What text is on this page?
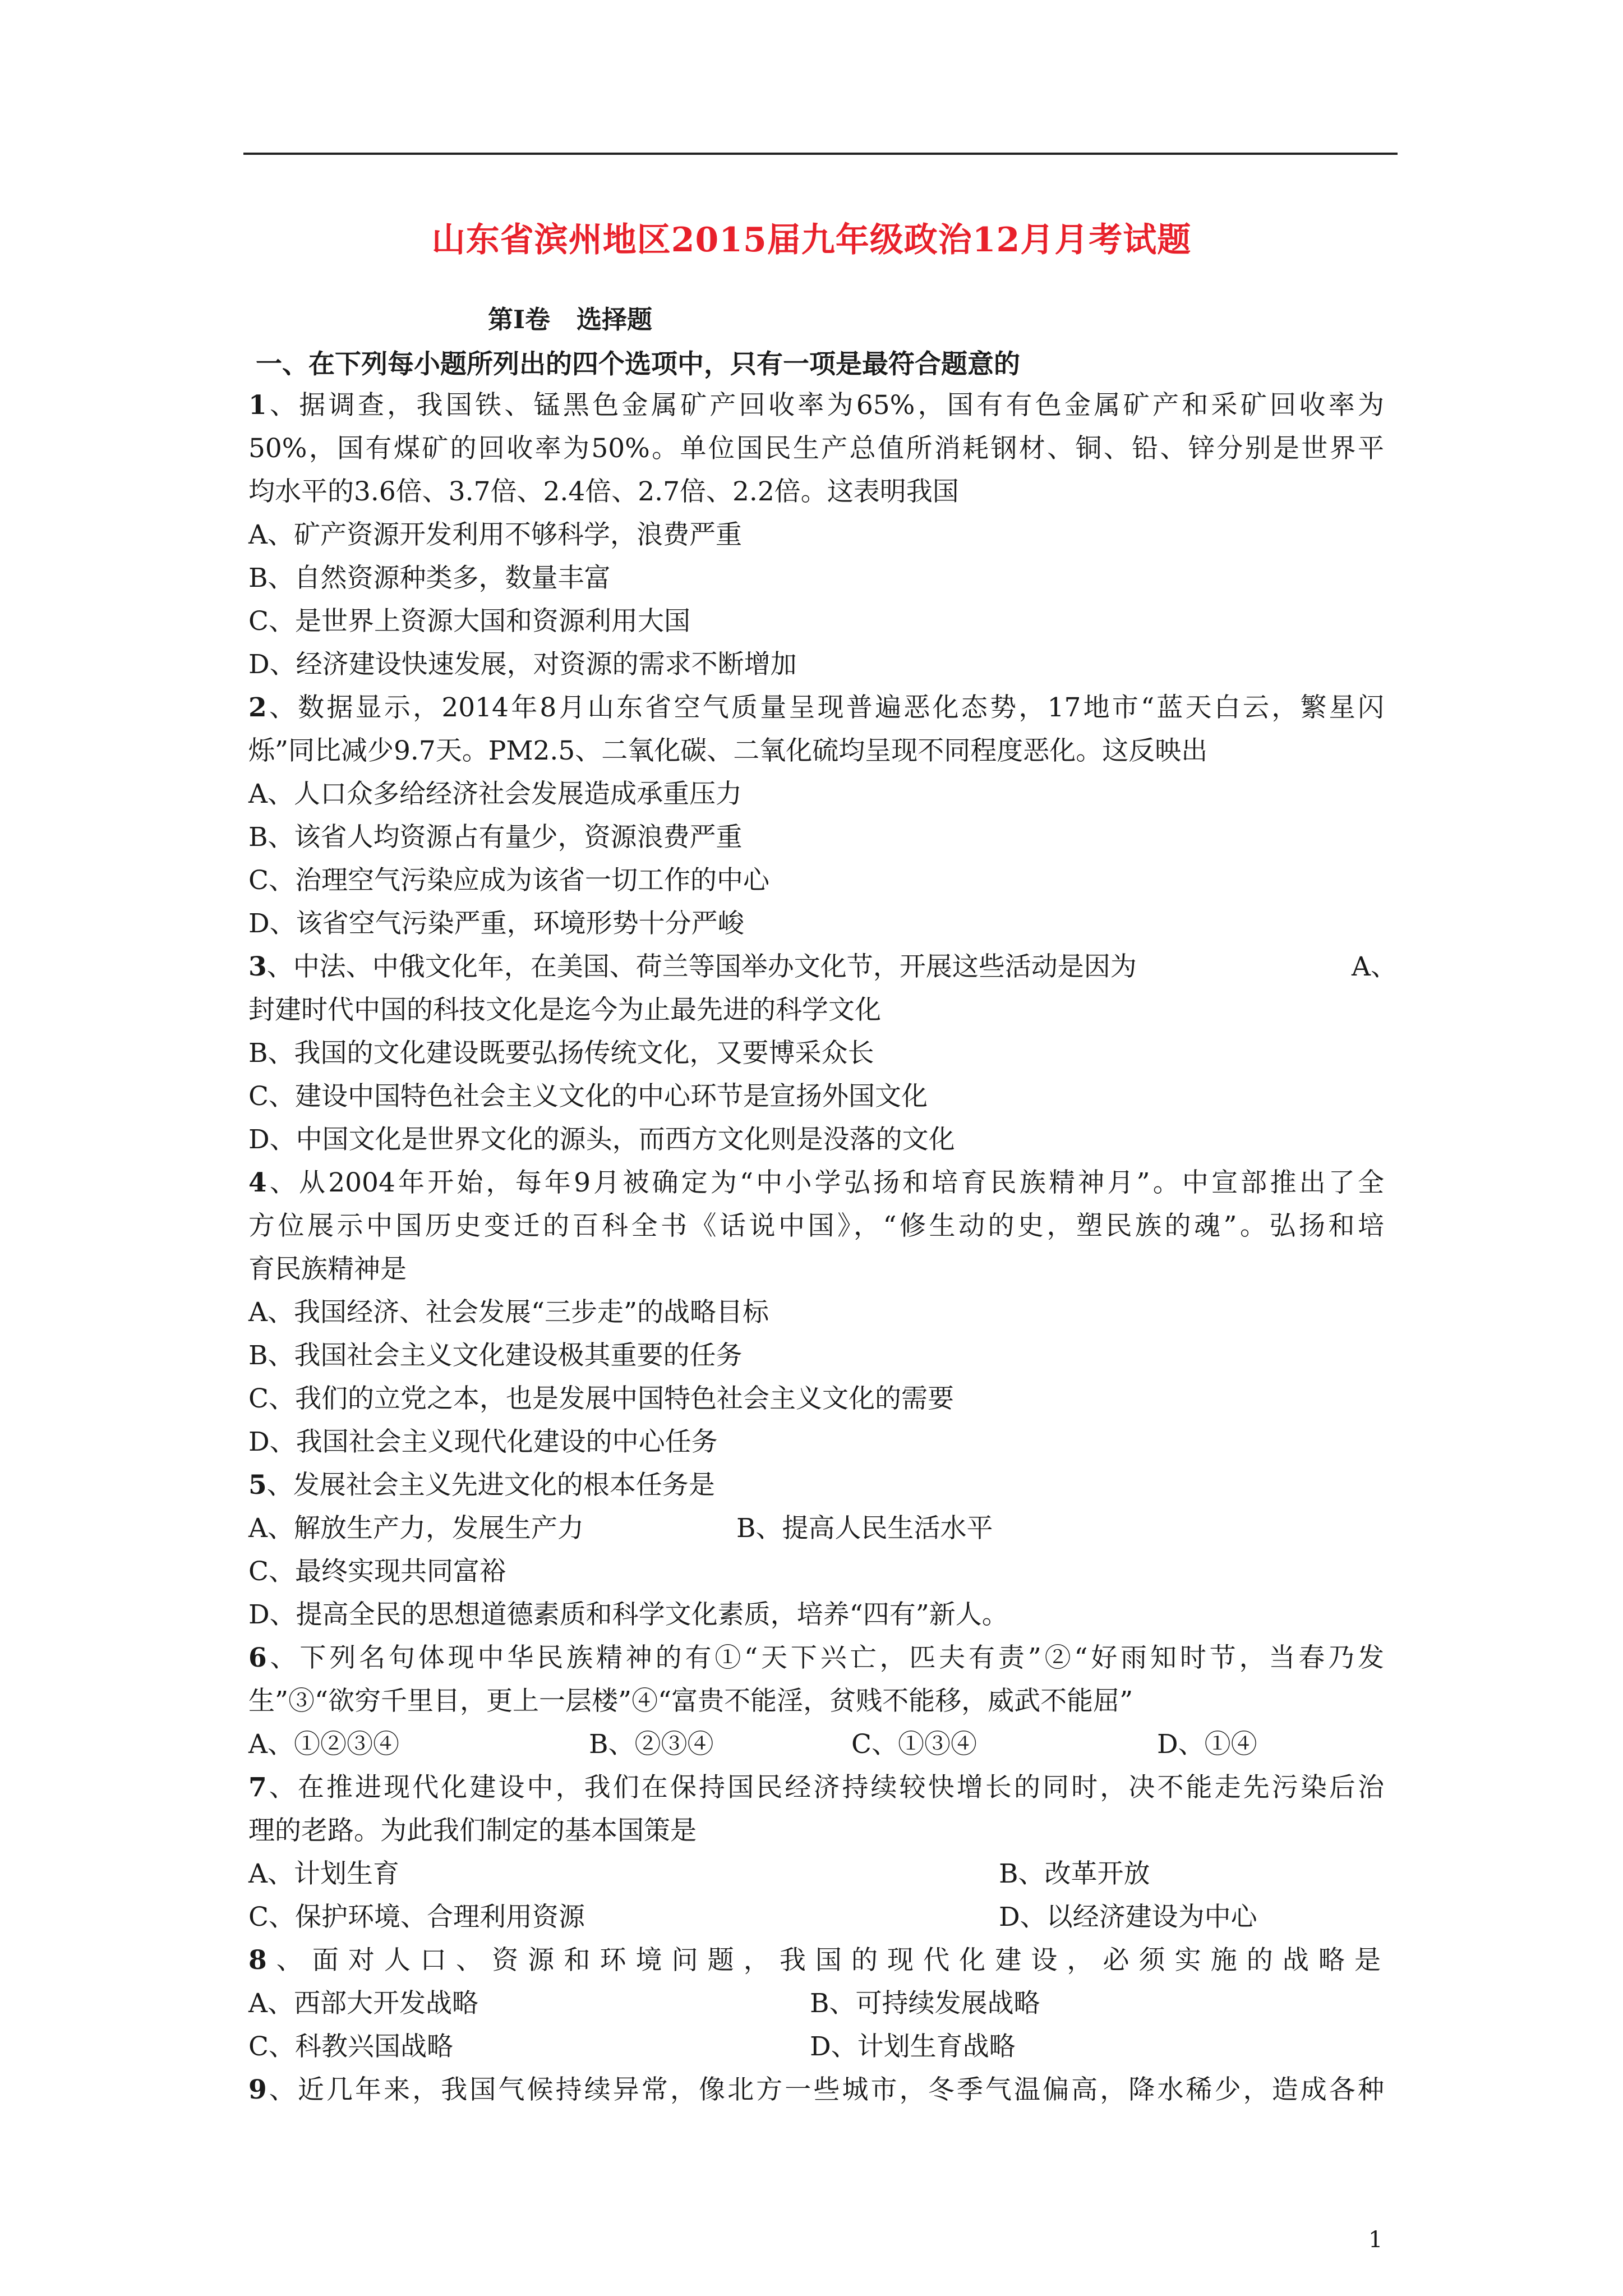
山东省滨州地区2015届九年级政治12月月考试题
第Ⅰ卷   选择题
一、在下列每小题所列出的四个选项中，只有一项是最符合题意的
1、据调查，我国铁、锰黑色金属矿产回收率为65%，国有有色金属矿产和采矿回收率为
50%，国有煤矿的回收率为50%。单位国民生产总值所消耗钢材、铜、铅、锌分别是世界平
均水平的3.6倍、3.7倍、2.4倍、2.7倍、2.2倍。这表明我国
A、矿产资源开发利用不够科学，浪费严重
B、自然资源种类多，数量丰富
C、是世界上资源大国和资源利用大国
D、经济建设快速发展，对资源的需求不断增加
2、数据显示，2014年8月山东省空气质量呈现普遍恶化态势，17地市“蓝天白云，繁星闪
烁”同比减少9.7天。PM2.5、二氧化碳、二氧化硫均呈现不同程度恶化。这反映出
A、人口众多给经济社会发展造成承重压力
B、该省人均资源占有量少，资源浪费严重
C、治理空气污染应成为该省一切工作的中心
D、该省空气污染严重，环境形势十分严峻
3、中法、中俄文化年，在美国、荷兰等国举办文化节，开展这些活动是因为	A、
封建时代中国的科技文化是迄今为止最先进的科学文化
B、我国的文化建设既要弘扬传统文化，又要博采众长
C、建设中国特色社会主义文化的中心环节是宣扬外国文化
D、中国文化是世界文化的源头，而西方文化则是没落的文化
4、从2004年开始，每年9月被确定为“中小学弘扬和培育民族精神月”。中宣部推出了全
方位展示中国历史变迁的百科全书《话说中国》，“修生动的史，塑民族的魂”。弘扬和培
育民族精神是
A、我国经济、社会发展“三步走”的战略目标
B、我国社会主义文化建设极其重要的任务
C、我们的立党之本，也是发展中国特色社会主义文化的需要
D、我国社会主义现代化建设的中心任务
5、发展社会主义先进文化的根本任务是
A、解放生产力，发展生产力	B、提高人民生活水平
C、最终实现共同富裕
D、提高全民的思想道德素质和科学文化素质，培养“四有”新人。
6、下列名句体现中华民族精神的有①“天下兴亡，匹夫有责”②“好雨知时节，当春乃发
生”③“欲穷千里目，更上一层楼”④“富贵不能淫，贫贱不能移，威武不能屈”
A、①②③④	B、②③④	C、①③④	D、①④
7、在推进现代化建设中，我们在保持国民经济持续较快增长的同时，决不能走先污染后治
理的老路。为此我们制定的基本国策是
A、计划生育	B、改革开放
C、保护环境、合理利用资源	D、以经济建设为中心
8、面对人口、资源和环境问题，我国的现代化建设，必须实施的战略是
A、西部大开发战略	B、可持续发展战略
C、科教兴国战略	D、计划生育战略
9、近几年来，我国气候持续异常，像北方一些城市，冬季气温偏高，降水稀少，造成各种
1
